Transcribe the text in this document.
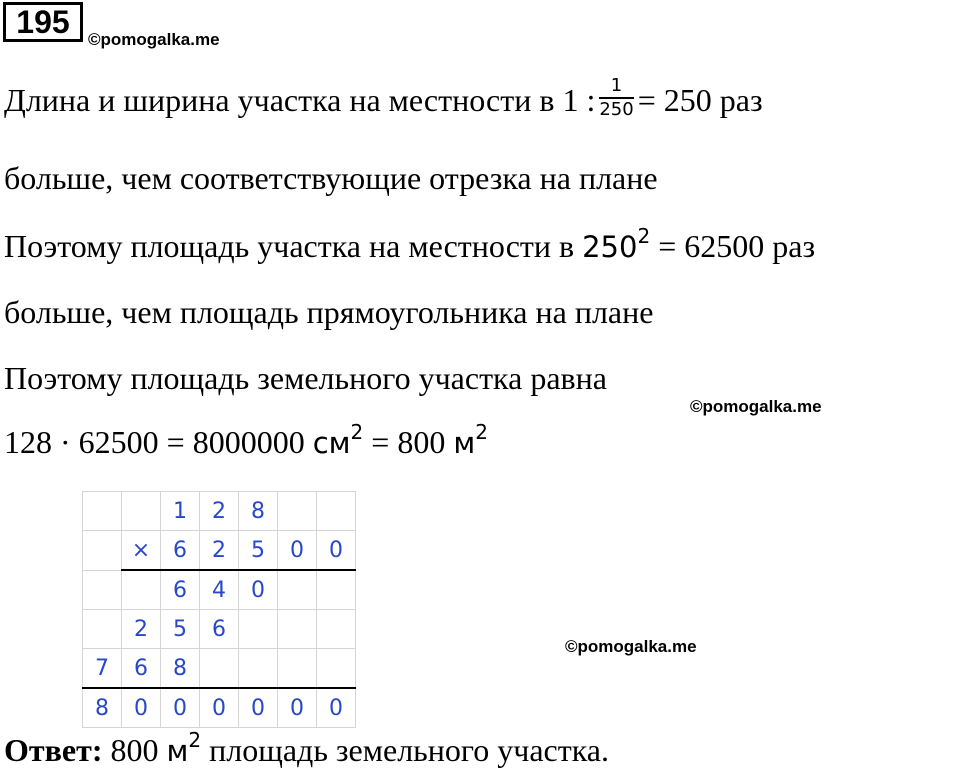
195	©pomogalka.me
©pomogalka.me
©pomogalka.me
Длина и ширина участка на местности в 1 : $\frac{1}{250} = 250$ раз
больше, чем соответствующие отрезка на плане
Поэтому площадь участка на местности в $250^2 = 62500$ раз
больше, чем площадь прямоугольника на плане
Поэтому площадь земельного участка равна
128 · 62500 = 8000000 $см^2 = 800$ $м^2$
		1	2	8		
	×	6	2	5	0	0
		6	4	0		
	2	5	6			
7	6	8				
8	0	0	0	0	0	0
Ответ: 800 $м^2$ площадь земельного участка.
